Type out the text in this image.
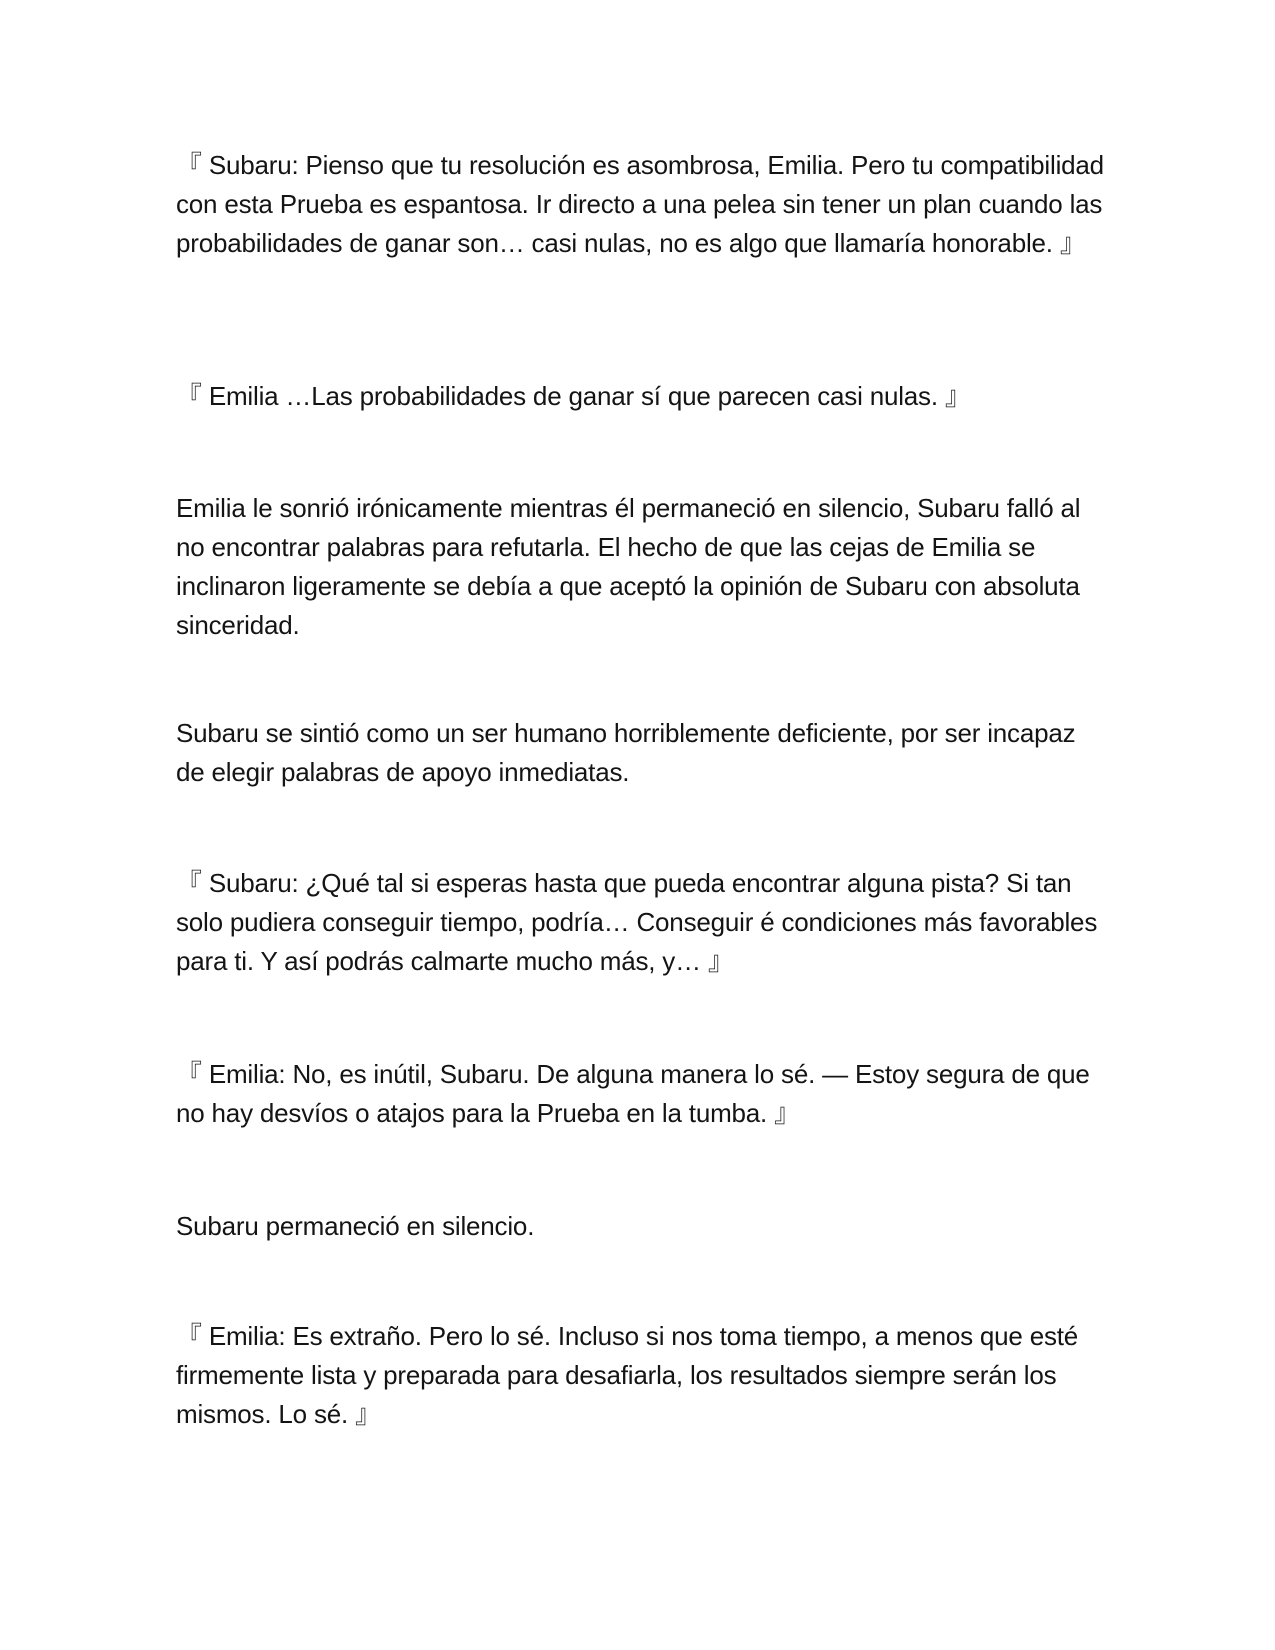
『 Subaru: Pienso que tu resolución es asombrosa, Emilia. Pero tu compatibilidad con esta Prueba es espantosa. Ir directo a una pelea sin tener un plan cuando las probabilidades de ganar son… casi nulas, no es algo que llamaría honorable. 』

『 Emilia …Las probabilidades de ganar sí que parecen casi nulas. 』

Emilia le sonrió irónicamente mientras él permaneció en silencio, Subaru falló al no encontrar palabras para refutarla. El hecho de que las cejas de Emilia se inclinaron ligeramente se debía a que aceptó la opinión de Subaru con absoluta sinceridad.

Subaru se sintió como un ser humano horriblemente deficiente, por ser incapaz de elegir palabras de apoyo inmediatas.

『 Subaru: ¿Qué tal si esperas hasta que pueda encontrar alguna pista? Si tan solo pudiera conseguir tiempo, podría… Conseguir é condiciones más favorables para ti. Y así podrás calmarte mucho más, y… 』

『 Emilia: No, es inútil, Subaru. De alguna manera lo sé. — Estoy segura de que no hay desvíos o atajos para la Prueba en la tumba. 』

Subaru permaneció en silencio.

『 Emilia: Es extraño. Pero lo sé. Incluso si nos toma tiempo, a menos que esté firmemente lista y preparada para desafiarla, los resultados siempre serán los mismos. Lo sé. 』
